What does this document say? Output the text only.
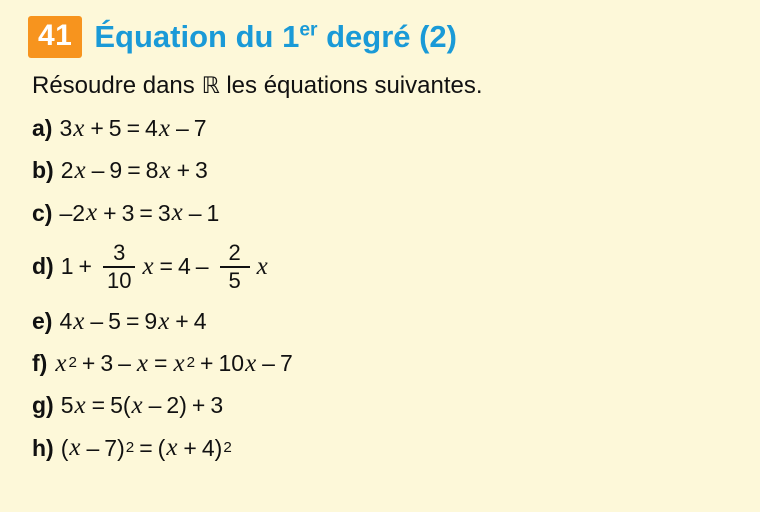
41 Équation du 1er degré (2)
Résoudre dans ℝ les équations suivantes.
a) 3 x + 5 = 4 x – 7
b) 2 x – 9 = 8 x + 3
c) –2 x + 3 = 3 x – 1
d) $1 + \frac{3}{10}$ $x = 4 - \frac{2}{5}$ x
e) 4 x – 5 = 9 x + 4
f) x 2 + 3 – x = x 2 + 10 x – 7
g) 5 x = 5( x – 2) + 3
h) ( x – 7) 2 = ( x + 4) 2
